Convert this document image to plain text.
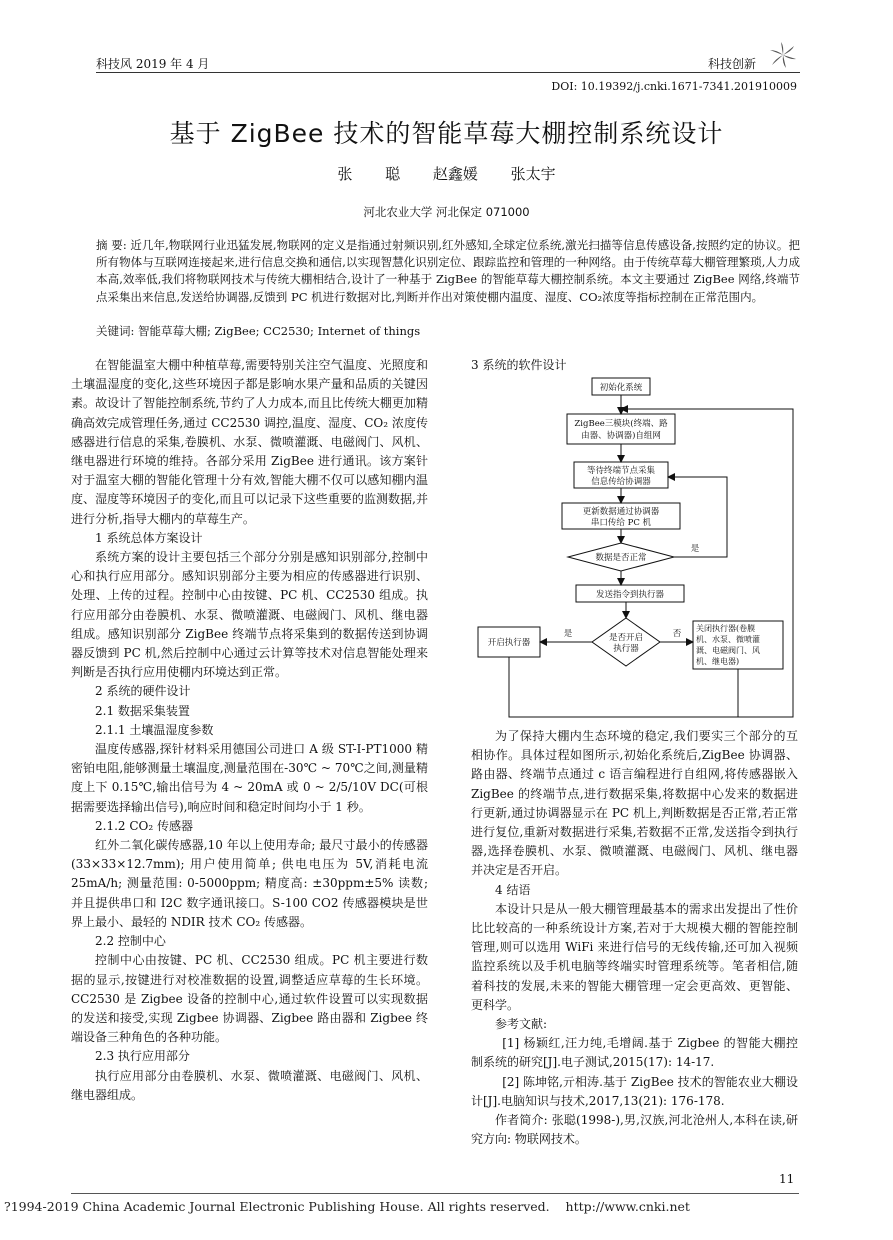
科技风 2019 年 4 月	科技创新
DOI: 10.19392/j.cnki.1671-7341.201910009
基于 ZigBee 技术的智能草莓大棚控制系统设计
张 聪 赵鑫媛 张太宇
河北农业大学 河北保定 071000
摘 要: 近几年,物联网行业迅猛发展,物联网的定义是指通过射频识别,红外感知,全球定位系统,激光扫描等信息传感设备,按照约定的协议。把所有物体与互联网连接起来,进行信息交换和通信,以实现智慧化识别定位、跟踪监控和管理的一种网络。由于传统草莓大棚管理繁琐,人力成本高,效率低,我们将物联网技术与传统大棚相结合,设计了一种基于 ZigBee 的智能草莓大棚控制系统。本文主要通过 ZigBee 网络,终端节点采集出来信息,发送给协调器,反馈到 PC 机进行数据对比,判断并作出对策使棚内温度、湿度、CO₂浓度等指标控制在正常范围内。
关键词: 智能草莓大棚; ZigBee; CC2530; Internet of things

在智能温室大棚中种植草莓,需要特别关注空气温度、光照度和土壤温湿度的变化,这些环境因子都是影响水果产量和品质的关键因素。故设计了智能控制系统,节约了人力成本,而且比传统大棚更加精确高效完成管理任务,通过 CC2530 调控,温度、湿度、CO₂ 浓度传感器进行信息的采集,卷膜机、水泵、微喷灌溉、电磁阀门、风机、继电器进行环境的维持。各部分采用 ZigBee 进行通讯。该方案针对于温室大棚的智能化管理十分有效,智能大棚不仅可以感知棚内温度、湿度等环境因子的变化,而且可以记录下这些重要的监测数据,并进行分析,指导大棚内的草莓生产。

1 系统总体方案设计

系统方案的设计主要包括三个部分分别是感知识别部分,控制中心和执行应用部分。感知识别部分主要为相应的传感器进行识别、处理、上传的过程。控制中心由按键、PC 机、CC2530 组成。执行应用部分由卷膜机、水泵、微喷灌溉、电磁阀门、风机、继电器组成。感知识别部分 ZigBee 终端节点将采集到的数据传送到协调器反馈到 PC 机,然后控制中心通过云计算等技术对信息智能处理来判断是否执行应用使棚内环境达到正常。

2 系统的硬件设计

2.1 数据采集装置

2.1.1 土壤温湿度参数

温度传感器,探针材料采用德国公司进口 A 级 ST-I-PT1000 精密铂电阻,能够测量土壤温度,测量范围在-30℃ ~ 70℃之间,测量精度上下 0.15℃,输出信号为 4 ~ 20mA 或 0 ~ 2/5/10V DC(可根据需要选择输出信号),响应时间和稳定时间均小于 1 秒。

2.1.2 CO₂ 传感器

红外二氧化碳传感器,10 年以上使用寿命; 最尺寸最小的传感器(33×33×12.7mm); 用户使用简单; 供电电压为 5V,消耗电流 25mA/h; 测量范围: 0-5000ppm; 精度高: ±30ppm±5% 读数; 并且提供串口和 I2C 数字通讯接口。S-100 CO2 传感器模块是世界上最小、最轻的 NDIR 技术 CO₂ 传感器。

2.2 控制中心

控制中心由按键、PC 机、CC2530 组成。PC 机主要进行数据的显示,按键进行对校准数据的设置,调整适应草莓的生长环境。CC2530 是 Zigbee 设备的控制中心,通过软件设置可以实现数据的发送和接受,实现 Zigbee 协调器、Zigbee 路由器和 Zigbee 终端设备三种角色的各种功能。

2.3 执行应用部分

执行应用部分由卷膜机、水泵、微喷灌溉、电磁阀门、风机、继电器组成。

3 系统的软件设计
初始化系统
ZigBee三模块(终端、路
由器、协调器)自组网
等待终端节点采集
信息传给协调器
更新数据通过协调器
串口传给 PC 机
数据是否正常
是
发送指令到执行器
是否开启
执行器
是	否
开启执行器
关闭执行器(卷膜
机、水泵、微喷灌
溉、电磁阀门、风
机、继电器)

为了保持大棚内生态环境的稳定,我们要实三个部分的互相协作。具体过程如图所示,初始化系统后,ZigBee 协调器、路由器、终端节点通过 c 语言编程进行自组网,将传感器嵌入 ZigBee 的终端节点,进行数据采集,将数据中心发来的数据进行更新,通过协调器显示在 PC 机上,判断数据是否正常,若正常进行复位,重新对数据进行采集,若数据不正常,发送指令到执行器,选择卷膜机、水泵、微喷灌溉、电磁阀门、风机、继电器并决定是否开启。

4 结语

本设计只是从一般大棚管理最基本的需求出发提出了性价比比较高的一种系统设计方案,若对于大规模大棚的智能控制管理,则可以选用 WiFi 来进行信号的无线传输,还可加入视频监控系统以及手机电脑等终端实时管理系统等。笔者相信,随着科技的发展,未来的智能大棚管理一定会更高效、更智能、更科学。

参考文献:

[1] 杨颖红,汪力纯,毛增阔.基于 Zigbee 的智能大棚控制系统的研究[J].电子测试,2015(17): 14-17.

[2] 陈坤铭,亓相涛.基于 ZigBee 技术的智能农业大棚设计[J].电脑知识与技术,2017,13(21): 176-178.

作者简介: 张聪(1998-),男,汉族,河北沧州人,本科在读,研究方向: 物联网技术。

11
?1994-2019 China Academic Journal Electronic Publishing House. All rights reserved.    http://www.cnki.net
